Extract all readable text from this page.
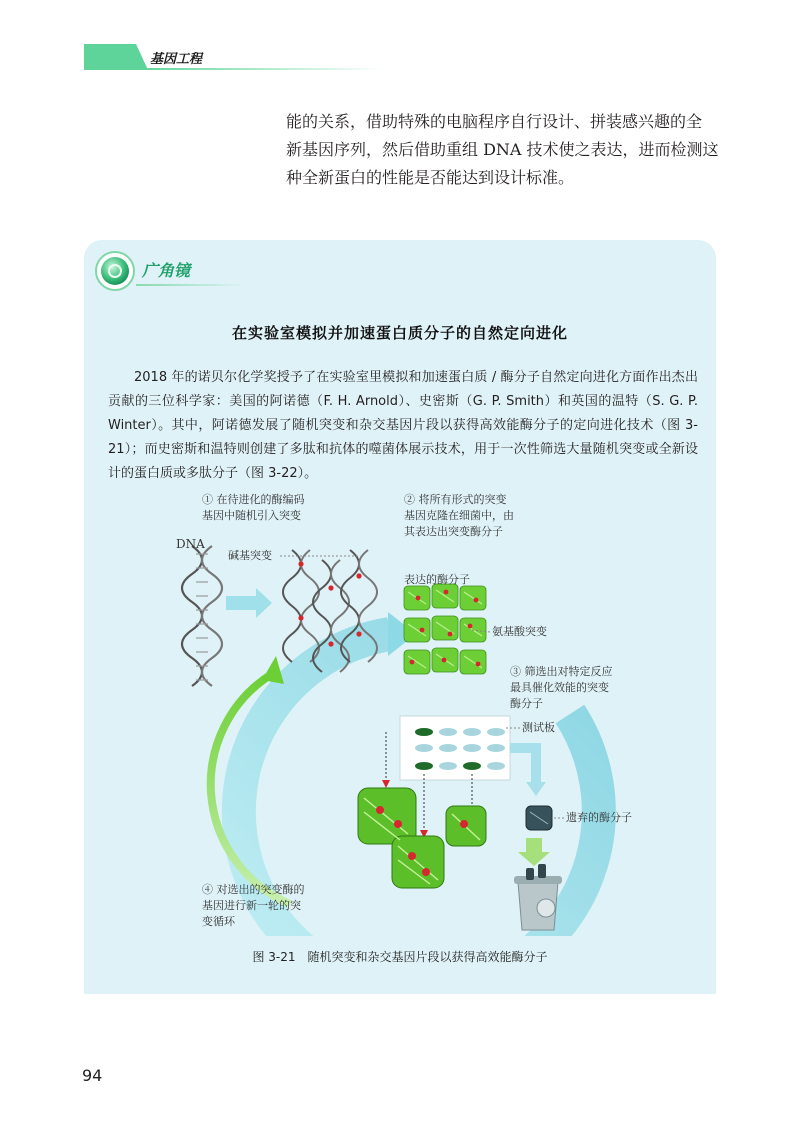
基因工程

能的关系，借助特殊的电脑程序自行设计、拼装感兴趣的全

新基因序列，然后借助重组 DNA 技术使之表达，进而检测这

种全新蛋白的性能是否能达到设计标准。

广角镜
在实验室模拟并加速蛋白质分子的自然定向进化

2018 年的诺贝尔化学奖授予了在实验室里模拟和加速蛋白质 / 酶分子自然定向进化方面作出杰出贡献的三位科学家：美国的阿诺德（F. H. Arnold）、史密斯（G. P. Smith）和英国的温特（S. G. P. Winter）。其中，阿诺德发展了随机突变和杂交基因片段以获得高效能酶分子的定向进化技术（图 3-21）；而史密斯和温特则创建了多肽和抗体的噬菌体展示技术，用于一次性筛选大量随机突变或全新设计的蛋白质或多肽分子（图 3-22）。

① 在待进化的酶编码
基因中随机引入突变
② 将所有形式的突变
基因克隆在细菌中，由
其表达出突变酶分子
DNA
碱基突变
表达的酶分子
氨基酸突变
③ 筛选出对特定反应
最具催化效能的突变
酶分子
测试板
遗弃的酶分子
④ 对选出的突变酶的
基因进行新一轮的突
变循环
图 3-21　随机突变和杂交基因片段以获得高效能酶分子
94
